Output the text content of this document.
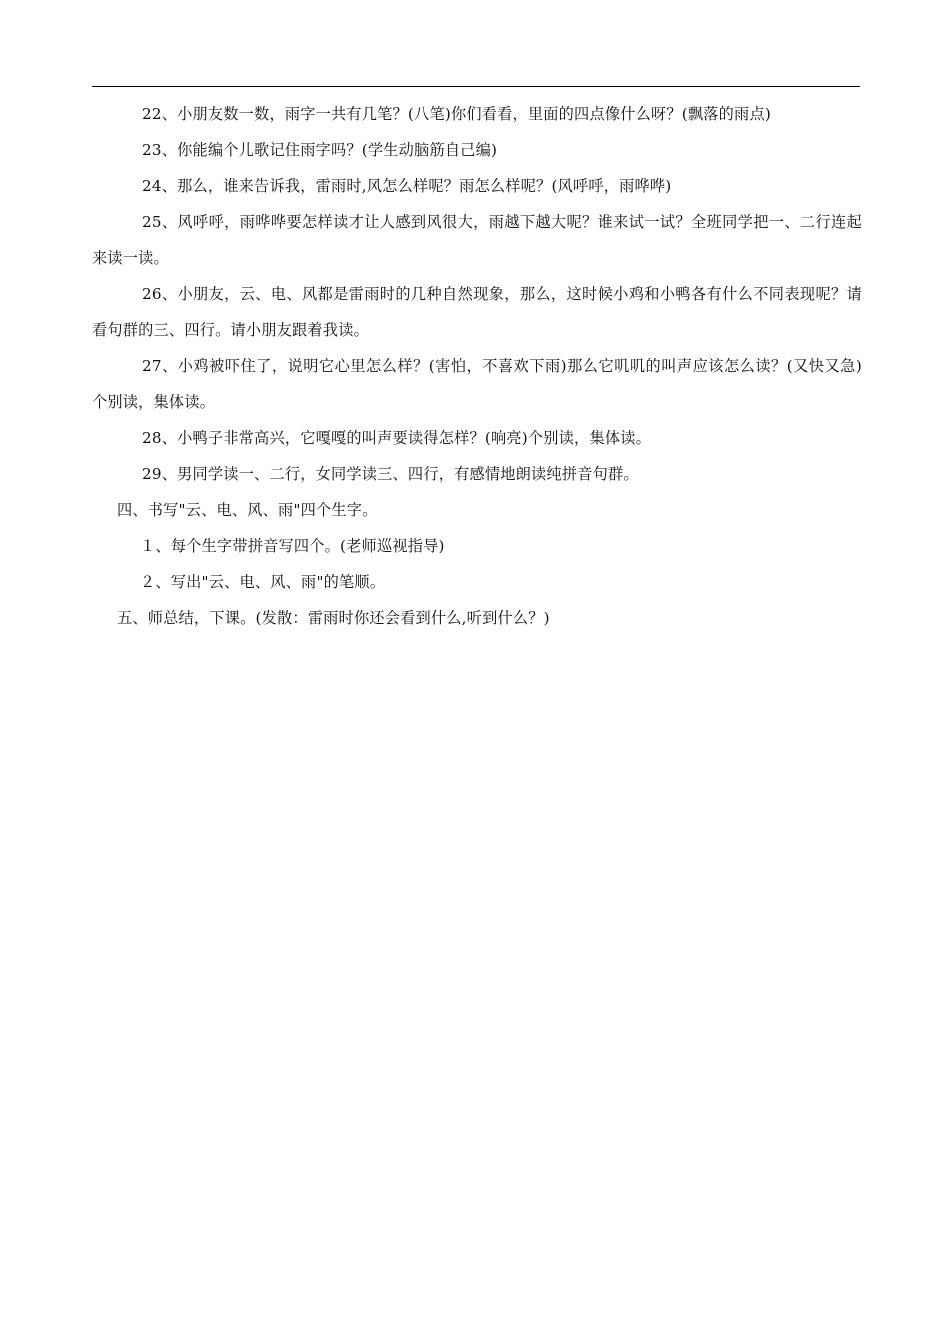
22、小朋友数一数，雨字一共有几笔？(八笔)你们看看，里面的四点像什么呀？(飘落的雨点)

23、你能编个儿歌记住雨字吗？(学生动脑筋自己编)

24、那么，谁来告诉我，雷雨时,风怎么样呢？雨怎么样呢？(风呼呼，雨哗哗)

25、风呼呼，雨哗哗要怎样读才让人感到风很大，雨越下越大呢？谁来试一试？全班同学把一、二行连起来读一读。

26、小朋友，云、电、风都是雷雨时的几种自然现象，那么，这时候小鸡和小鸭各有什么不同表现呢？请看句群的三、四行。请小朋友跟着我读。

27、小鸡被吓住了，说明它心里怎么样？(害怕，不喜欢下雨)那么它叽叽的叫声应该怎么读？(又快又急)个别读，集体读。

28、小鸭子非常高兴，它嘎嘎的叫声要读得怎样？(响亮)个别读，集体读。

29、男同学读一、二行，女同学读三、四行，有感情地朗读纯拼音句群。

四、书写"云、电、风、雨"四个生字。

１、每个生字带拼音写四个。(老师巡视指导)

２、写出"云、电、风、雨"的笔顺。

五、师总结，下课。(发散：雷雨时你还会看到什么,听到什么？)
